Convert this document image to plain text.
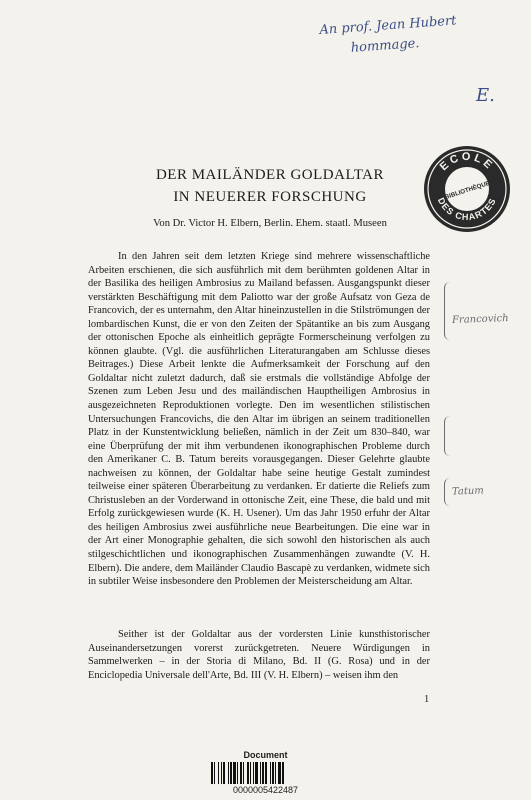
An prof. Jean Hubert
hommage.
E.
ECOLE
DES CHARTES
BIBLIOTHÈQUE
DER MAILÄNDER GOLDALTAR
IN NEUERER FORSCHUNG
Von Dr. Victor H. Elbern, Berlin. Ehem. staatl. Museen

In den Jahren seit dem letzten Kriege sind mehrere wissenschaftliche Arbeiten erschienen, die sich ausführlich mit dem berühmten goldenen Altar in der Basilika des heiligen Ambrosius zu Mailand befassen. Ausgangspunkt dieser verstärkten Beschäftigung mit dem Paliotto war der große Aufsatz von Geza de Francovich, der es unternahm, den Altar hineinzustellen in die Stilströmungen der lombardischen Kunst, die er von den Zeiten der Spätantike an bis zum Ausgang der ottonischen Epoche als einheitlich geprägte Formerscheinung verfolgen zu können glaubte. (Vgl. die ausführlichen Literaturangaben am Schlusse dieses Beitrages.) Diese Arbeit lenkte die Aufmerksamkeit der Forschung auf den Goldaltar nicht zuletzt dadurch, daß sie erstmals die vollständige Abfolge der Szenen zum Leben Jesu und des mailändischen Hauptheiligen Ambrosius in ausgezeichneten Reproduktionen vorlegte. Den im wesentlichen stilistischen Untersuchungen Francovichs, die den Altar im übrigen an seinem traditionellen Platz in der Kunstentwicklung beließen, nämlich in der Zeit um 830–840, war eine Überprüfung der mit ihm verbundenen ikonographischen Probleme durch den Amerikaner C. B. Tatum bereits vorausgegangen. Dieser Gelehrte glaubte nachweisen zu können, der Goldaltar habe seine heutige Gestalt zumindest teilweise einer späteren Überarbeitung zu verdanken. Er datierte die Reliefs zum Christusleben an der Vorderwand in ottonische Zeit, eine These, die bald und mit Erfolg zurückgewiesen wurde (K. H. Usener). Um das Jahr 1950 erfuhr der Altar des heiligen Ambrosius zwei ausführliche neue Bearbeitungen. Die eine war in der Art einer Monographie gehalten, die sich sowohl den historischen als auch stilgeschichtlichen und ikonographischen Zusammenhängen zuwandte (V. H. Elbern). Die andere, dem Mailänder Claudio Bascapè zu verdanken, widmete sich in subtiler Weise insbesondere den Problemen der Meisterscheidung am Altar.

Francovich
Tatum

Seither ist der Goldaltar aus der vordersten Linie kunsthistorischer Auseinandersetzungen vorerst zurückgetreten. Neuere Würdigungen in Sammelwerken – in der Storia di Milano, Bd. II (G. Rosa) und in der Enciclopedia Universale dell'Arte, Bd. III (V. H. Elbern) – weisen ihm den

1
Document
0000005422487
